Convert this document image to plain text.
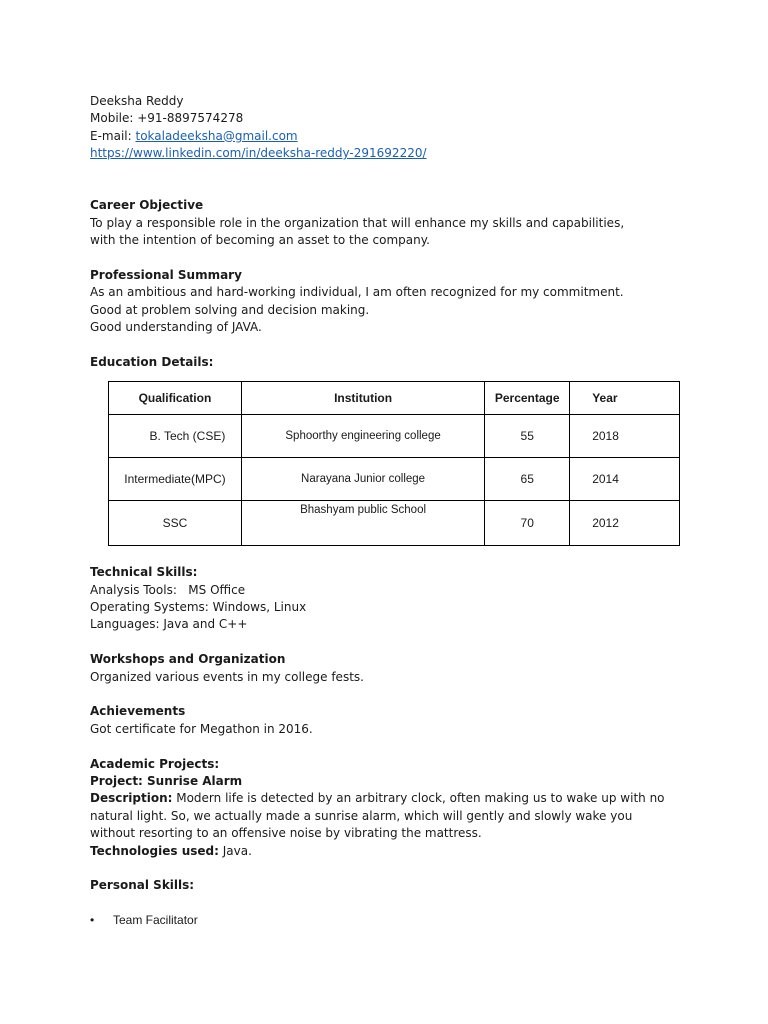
Deeksha Reddy
Mobile: +91-8897574278
E-mail: tokaladeeksha@gmail.com
https://www.linkedin.com/in/deeksha-reddy-291692220/
Career Objective
To play a responsible role in the organization that will enhance my skills and capabilities, with the intention of becoming an asset to the company.
Professional Summary
As an ambitious and hard-working individual, I am often recognized for my commitment.
Good at problem solving and decision making.
Good understanding of JAVA.
Education Details:
Qualification	Institution	Percentage	Year
B. Tech (CSE)	Sphoorthy engineering college	55	2018
Intermediate(MPC)	Narayana Junior college	65	2014
SSC	Bhashyam public School	70	2012
Technical Skills:
Analysis Tools:   MS Office
Operating Systems: Windows, Linux
Languages: Java and C++
Workshops and Organization
Organized various events in my college fests.
Achievements
Got certificate for Megathon in 2016.
Academic Projects:
Project: Sunrise Alarm
Description: Modern life is detected by an arbitrary clock, often making us to wake up with no natural light. So, we actually made a sunrise alarm, which will gently and slowly wake you without resorting to an offensive noise by vibrating the mattress.
Technologies used: Java.
Personal Skills:
• Team Facilitator
